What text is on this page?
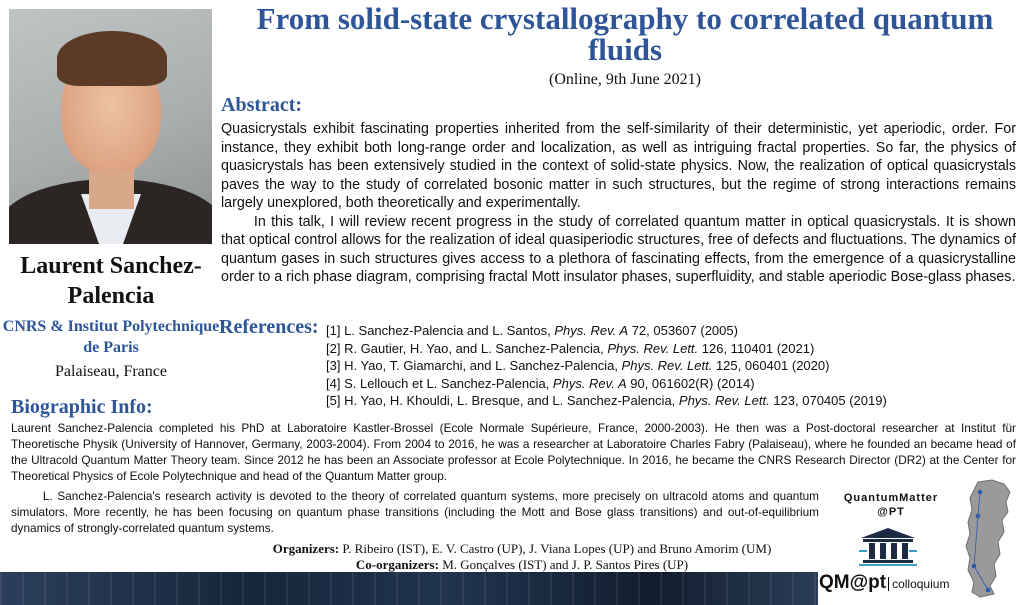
Laurent Sanchez-Palencia
CNRS & Institut Polytechnique de Paris
Palaiseau, France
From solid-state crystallography to correlated quantum fluids
(Online, 9th June 2021)
Abstract:

Quasicrystals exhibit fascinating properties inherited from the self-similarity of their deterministic, yet aperiodic, order. For instance, they exhibit both long-range order and localization, as well as intriguing fractal properties. So far, the physics of quasicrystals has been extensively studied in the context of solid-state physics. Now, the realization of optical quasicrystals paves the way to the study of correlated bosonic matter in such structures, but the regime of strong interactions remains largely unexplored, both theoretically and experimentally.

In this talk, I will review recent progress in the study of correlated quantum matter in optical quasicrystals. It is shown that optical control allows for the realization of ideal quasiperiodic structures, free of defects and fluctuations. The dynamics of quantum gases in such structures gives access to a plethora of fascinating effects, from the emergence of a quasicrystalline order to a rich phase diagram, comprising fractal Mott insulator phases, superfluidity, and stable aperiodic Bose-glass phases.

References: [1] L. Sanchez-Palencia and L. Santos, Phys. Rev. A 72, 053607 (2005)
[2] R. Gautier, H. Yao, and L. Sanchez-Palencia, Phys. Rev. Lett. 126, 110401 (2021)
[3] H. Yao, T. Giamarchi, and L. Sanchez-Palencia, Phys. Rev. Lett. 125, 060401 (2020)
[4] S. Lellouch et L. Sanchez-Palencia, Phys. Rev. A 90, 061602(R) (2014)
[5] H. Yao, H. Khouldi, L. Bresque, and L. Sanchez-Palencia, Phys. Rev. Lett. 123, 070405 (2019)
Biographic Info:

Laurent Sanchez-Palencia completed his PhD at Laboratoire Kastler-Brossel (Ecole Normale Supérieure, France, 2000-2003). He then was a Post-doctoral researcher at Institut für Theoretische Physik (University of Hannover, Germany, 2003-2004). From 2004 to 2016, he was a researcher at Laboratoire Charles Fabry (Palaiseau), where he founded an became head of the Ultracold Quantum Matter Theory team. Since 2012 he has been an Associate professor at Ecole Polytechnique. In 2016, he became the CNRS Research Director (DR2) at the Center for Theoretical Physics of Ecole Polytechnique and head of the Quantum Matter group.

L. Sanchez-Palencia's research activity is devoted to the theory of correlated quantum systems, more precisely on ultracold atoms and quantum simulators. More recently, he has been focusing on quantum phase transitions (including the Mott and Bose glass transitions) and out-of-equilibrium dynamics of strongly-correlated quantum systems.

Organizers: P. Ribeiro (IST), E. V. Castro (UP), J. Viana Lopes (UP) and Bruno Amorim (UM)
Co-organizers: M. Gonçalves (IST) and J. P. Santos Pires (UP)
QuantumMatter
@PT
QM@pt colloquium
